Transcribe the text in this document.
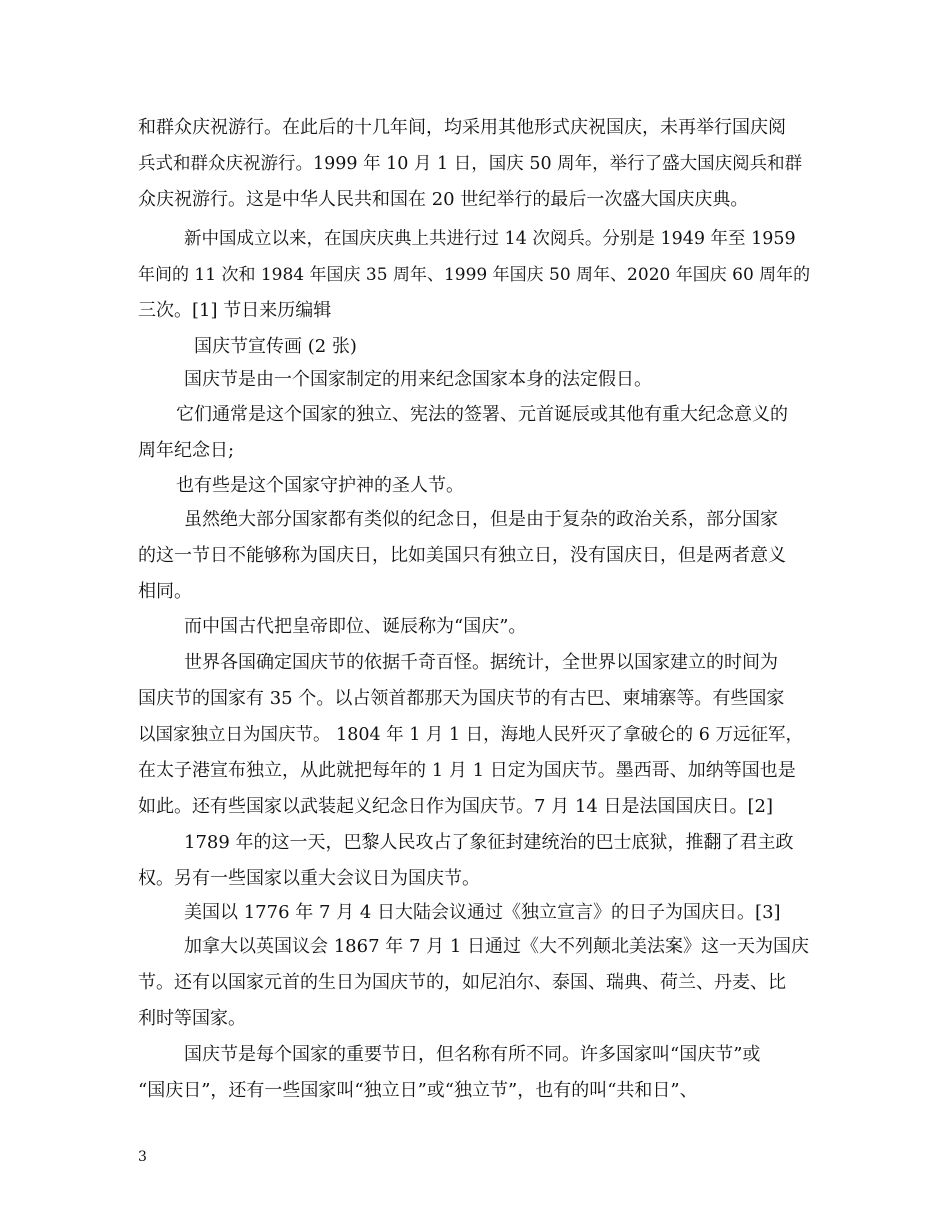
和群众庆祝游行。在此后的十几年间，均采用其他形式庆祝国庆，未再举行国庆阅

兵式和群众庆祝游行。1999 年 10 月 1 日，国庆 50 周年，举行了盛大国庆阅兵和群

众庆祝游行。这是中华人民共和国在 20 世纪举行的最后一次盛大国庆庆典。

新中国成立以来，在国庆庆典上共进行过 14 次阅兵。分别是 1949 年至 1959

年间的 11 次和 1984 年国庆 35 周年、1999 年国庆 50 周年、2020 年国庆 60 周年的

三次。[1] 节日来历编辑

国庆节宣传画 (2 张)

国庆节是由一个国家制定的用来纪念国家本身的法定假日。

它们通常是这个国家的独立、宪法的签署、元首诞辰或其他有重大纪念意义的

周年纪念日;

也有些是这个国家守护神的圣人节。

虽然绝大部分国家都有类似的纪念日，但是由于复杂的政治关系，部分国家

的这一节日不能够称为国庆日，比如美国只有独立日，没有国庆日，但是两者意义

相同。

而中国古代把皇帝即位、诞辰称为“国庆”。

世界各国确定国庆节的依据千奇百怪。据统计，全世界以国家建立的时间为

国庆节的国家有 35 个。以占领首都那天为国庆节的有古巴、柬埔寨等。有些国家

以国家独立日为国庆节。 1804 年 1 月 1 日，海地人民歼灭了拿破仑的 6 万远征军，

在太子港宣布独立，从此就把每年的 1 月 1 日定为国庆节。墨西哥、加纳等国也是

如此。还有些国家以武装起义纪念日作为国庆节。7 月 14 日是法国国庆日。[2]

1789 年的这一天，巴黎人民攻占了象征封建统治的巴士底狱，推翻了君主政

权。另有一些国家以重大会议日为国庆节。

美国以 1776 年 7 月 4 日大陆会议通过《独立宣言》的日子为国庆日。[3]

加拿大以英国议会 1867 年 7 月 1 日通过《大不列颠北美法案》这一天为国庆

节。还有以国家元首的生日为国庆节的，如尼泊尔、泰国、瑞典、荷兰、丹麦、比

利时等国家。

国庆节是每个国家的重要节日，但名称有所不同。许多国家叫“国庆节”或

“国庆日”，还有一些国家叫“独立日”或“独立节”，也有的叫“共和日”、

3
